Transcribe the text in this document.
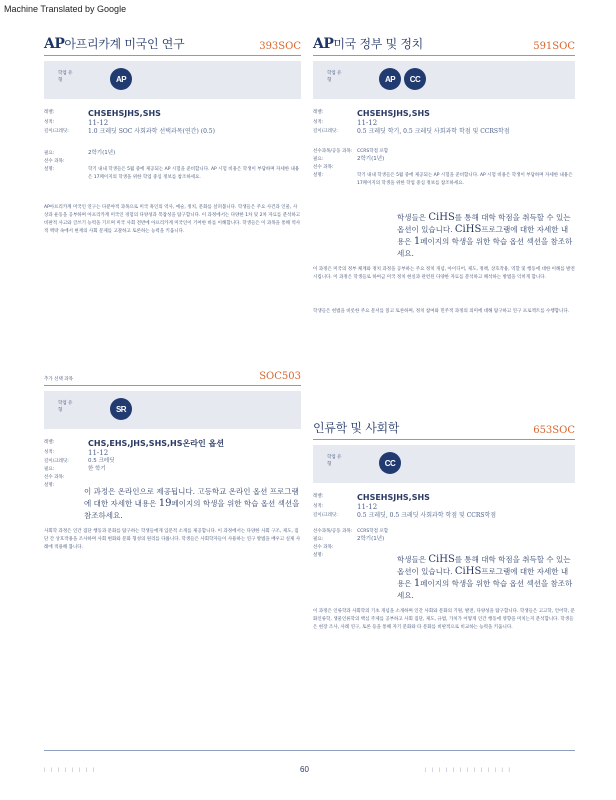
Machine Translated by Google
AP아프리카계 미국인 연구	393SOC
학업 유형	AP
레벨:	CHSEHSJHS,SHS
성적:	11-12
길이/크레딧:	1.0 크레딧 SOC 사회과학 선택과목(연간) (0.5)
필요:	2학기(1년)
선수 과목:
설명:	학기 내내 학생들은 5월 중에 제공되는 AP 시험을 준비합니다. AP 시험 비용은 학생이 부담하며 자세한 내용은 17페이지의 학생을 위한 학업 중심 정보를 참조하세요.
AP아프리카계 미국인 연구는 다분야적 과목으로 미국 흑인의 역사, 예술, 정치, 문화를 살펴봅니다. 학생들은 주요 사건과 인물, 사상과 운동을 공부하며 아프리카계 미국인 경험의 다양성과 복잡성을 탐구합니다. 이 과정에서는 다양한 1차 및 2차 자료를 분석하고 비판적 사고와 글쓰기 능력을 기르며 미국 사회 전반에 아프리카계 미국인이 기여한 바를 이해합니다. 학생들은 이 과목을 통해 역사적 맥락 속에서 현재의 사회 문제를 고찰하고 토론하는 능력을 키웁니다.
AP미국 정부 및 정치	591SOC
학업 유형	AP	CC
레벨:	CHSEHSJHS,SHS
성적:	11-12
길이/크레딧:	0.5 크레딧 학기, 0.5 크레딧 사회과학 학점 및 CCRS학점
선수과목/공동 과목:	CCRS학점 포함
필요:	2학기(1년)
선수 과목:
설명:	학기 내내 학생들은 5월 중에 제공되는 AP 시험을 준비합니다. AP 시험 비용은 학생이 부담하며 자세한 내용은 17페이지의 학생을 위한 학업 중심 정보를 참조하세요.
학생들은 CiHS를 통해 대학 학점을 취득할 수 있는 옵션이 있습니다. CiHS프로그램에 대한 자세한 내용은 1페이지의 학생을 위한 학습 옵션 섹션을 참조하세요.
이 과정은 미국의 정부 체계와 정치 과정을 공부하는 주요 정치 개념, 아이디어, 제도, 정책, 상호작용, 역할 및 행동에 대한 이해를 발전시킵니다. 이 과정은 학생들로 하여금 미국 정치 현실과 관련된 다양한 자료를 분석하고 해석하는 방법을 익히게 합니다.
학생들은 헌법을 비롯한 주요 문서를 읽고 토론하며, 정치 참여와 민주적 과정의 의미에 대해 탐구하고 연구 프로젝트를 수행합니다.
추가 선택 과목	SOC503
학업 유형	SR
레벨:	CHS,EHS,JHS,SHS,HS온라인 옵션
성적:	11-12
길이/크레딧:	0.5 크레딧
필요:	한 학기
선수 과목:
설명:
이 과정은 온라인으로 제공됩니다. 고등학교 온라인 옵션 프로그램에 대한 자세한 내용은 19페이지의 학생을 위한 학습 옵션 섹션을 참조하세요.
사회학 과정은 인간 집단 행동과 문화를 탐구하는 학생들에게 입문적 소개를 제공합니다. 이 과정에서는 다양한 사회 구조, 제도, 집단 간 상호작용을 조사하며 사회 변화와 문화 형성의 원리를 다룹니다. 학생들은 사회학자들이 사용하는 연구 방법을 배우고 실제 사례에 적용해 봅니다.
인류학 및 사회학	653SOC
학업 유형	CC
레벨:	CHSEHSJHS,SHS
성적:	11-12
길이/크레딧:	0.5 크레딧, 0.5 크레딧 사회과학 학점 및 CCRS학점
선수과목/공동 과목:	CCRS학점 포함
필요:	2학기(1년)
선수 과목:
설명:	학생들은 CiHS를 통해 대학 학점을 취득할 수 있는 옵션이 있습니다. CiHS프로그램에 대한 자세한 내용은 1페이지의 학생을 위한 학습 옵션 섹션을 참조하세요.
이 과정은 인류학과 사회학의 기초 개념을 소개하며 인간 사회와 문화의 기원, 발전, 다양성을 탐구합니다. 학생들은 고고학, 언어학, 문화인류학, 생물인류학의 핵심 주제를 공부하고 사회 집단, 제도, 규범, 가치가 어떻게 인간 행동에 영향을 미치는지 분석합니다. 학생들은 현장 조사, 사례 연구, 토론 등을 통해 자기 문화와 타 문화를 비판적으로 비교하는 능력을 키웁니다.
| | | | | | | |	60	| | | | | | | | | | | | |
